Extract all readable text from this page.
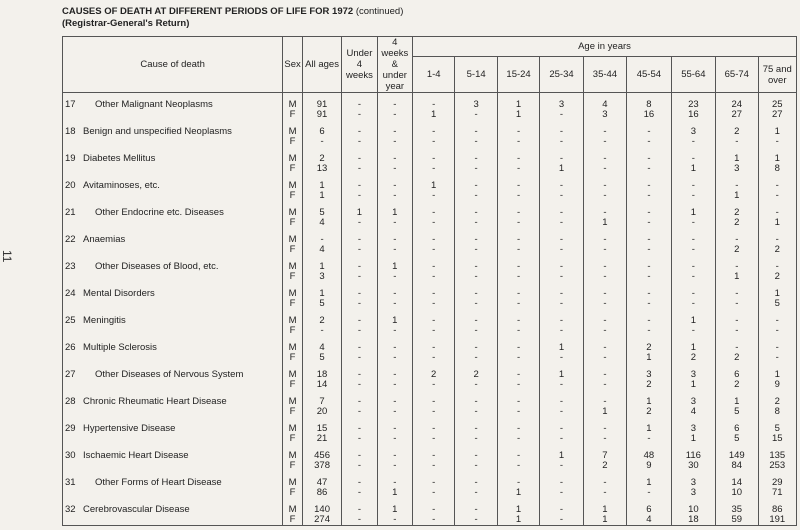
11
CAUSES OF DEATH AT DIFFERENT PERIODS OF LIFE FOR 1972 (continued)
(Registrar-General's Return)
Cause of death	Sex	All ages	Under 4 weeks	4 weeks & under year	Age in years								
					1-4	5-14	15-24	25-34	35-44	45-54	55-64	65-74	75 and over

17 Other Malignant Neoplasms	M	91	-	-	-	3	1	3	4	8	23	24	25
	F	91	-	-	1	-	1	-	3	16	16	27	27

18 Benign and unspecified Neoplasms	M	6	-	-	-	-	-	-	-	-	3	2	1
	F	-	-	-	-	-	-	-	-	-	-	-	-

19 Diabetes Mellitus	M	2	-	-	-	-	-	-	-	-	-	1	1
	F	13	-	-	-	-	-	1	-	-	1	3	8

20 Avitaminoses, etc.	M	1	-	-	1	-	-	-	-	-	-	-	-
	F	1	-	-	-	-	-	-	-	-	-	1	-

21 Other Endocrine etc. Diseases	M	5	1	1	-	-	-	-	-	-	1	2	-
	F	4	-	-	-	-	-	-	1	-	-	2	1

22 Anaemias	M	-	-	-	-	-	-	-	-	-	-	-	-
	F	4	-	-	-	-	-	-	-	-	-	2	2

23 Other Diseases of Blood, etc.	M	1	-	1	-	-	-	-	-	-	-	-	-
	F	3	-	-	-	-	-	-	-	-	-	1	2

24 Mental Disorders	M	1	-	-	-	-	-	-	-	-	-	-	1
	F	5	-	-	-	-	-	-	-	-	-	-	5

25 Meningitis	M	2	-	1	-	-	-	-	-	-	1	-	-
	F	-	-	-	-	-	-	-	-	-	-	-	-

26 Multiple Sclerosis	M	4	-	-	-	-	-	1	-	2	1	-	-
	F	5	-	-	-	-	-	-	-	1	2	2	-

27 Other Diseases of Nervous System	M	18	-	-	2	2	-	1	-	3	3	6	1
	F	14	-	-	-	-	-	-	-	2	1	2	9

28 Chronic Rheumatic Heart Disease	M	7	-	-	-	-	-	-	-	1	3	1	2
	F	20	-	-	-	-	-	-	1	2	4	5	8

29 Hypertensive Disease	M	15	-	-	-	-	-	-	-	1	3	6	5
	F	21	-	-	-	-	-	-	-	-	1	5	15

30 Ischaemic Heart Disease	M	456	-	-	-	-	-	1	7	48	116	149	135
	F	378	-	-	-	-	-	-	2	9	30	84	253

31 Other Forms of Heart Disease	M	47	-	-	-	-	-	-	-	1	3	14	29
	F	86	-	1	-	-	1	-	-	-	3	10	71

32 Cerebrovascular Disease	M	140	-	1	-	-	1	-	1	6	10	35	86
	F	274	-	-	-	-	1	-	1	4	18	59	191
